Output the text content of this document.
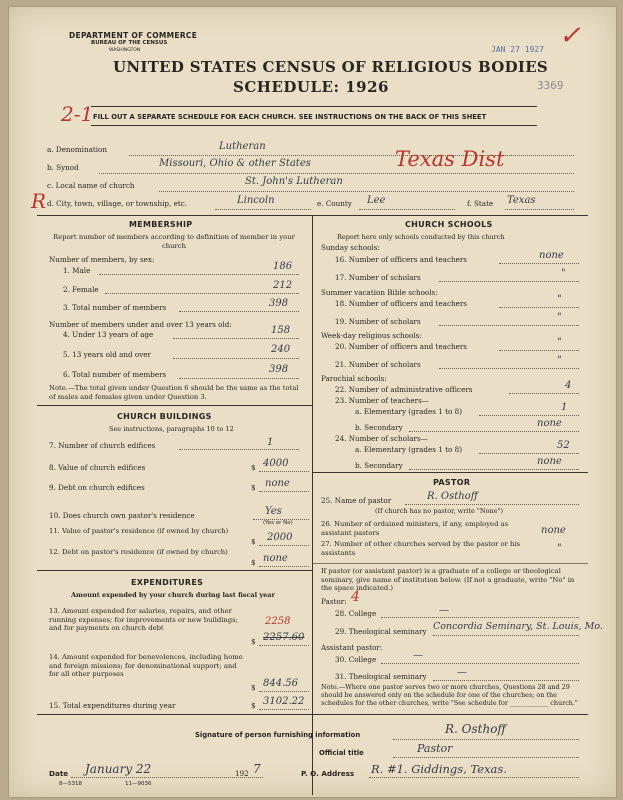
DEPARTMENT OF COMMERCE
BUREAU OF THE CENSUS
WASHINGTON	JAN 27 1927 ✓
UNITED STATES CENSUS OF RELIGIOUS BODIES
SCHEDULE: 1926	3369
FILL OUT A SEPARATE SCHEDULE FOR EACH CHURCH. SEE INSTRUCTIONS ON THE BACK OF THIS SHEET
2-1
R
a. Denomination	Lutheran
b. Synod	Missouri, Ohio & other States	Texas Dist
c. Local name of church	St. John's Lutheran
d. City, town, village, or township, etc.	Lincoln	e. County Lee	f. State Texas
MEMBERSHIP
Report number of members according to definition of member in your church
Number of members, by sex:
1. Male	186
2. Female	212
3. Total number of members	398
Number of members under and over 13 years old:
4. Under 13 years of age	158
5. 13 years old and over	240
6. Total number of members	398
Note.—The total given under Question 6 should be the same as the total of males and females given under Question 3.
CHURCH BUILDINGS
See instructions, paragraphs 10 to 12
7. Number of church edifices	1
8. Value of church edifices	$ 4000
9. Debt on church edifices	$ none
10. Does church own pastor's residence	Yes
(Yes or No)
11. Value of pastor's residence (if owned by church)
$ 2000
12. Debt on pastor's residence (if owned by church)
$ none
EXPENDITURES
Amount expended by your church during last fiscal year
13. Amount expended for salaries, repairs, and other running expenses; for improvements or new buildings; and for payments on church debt
2258
$ 2257.60
14. Amount expended for benevolences, including home and foreign missions; for denominational support; and for all other purposes
$ 844.56
15. Total expenditures during year	$ 3102.22
CHURCH SCHOOLS
Report here only schools conducted by this church
Sunday schools:
16. Number of officers and teachers	none
17. Number of scholars	"
Summer vacation Bible schools:
18. Number of officers and teachers	"
19. Number of scholars	"
Week-day religious schools:
20. Number of officers and teachers	"
21. Number of scholars	"
Parochial schools:
22. Number of administrative officers	4
23. Number of teachers—
a. Elementary (grades 1 to 8)	1
b. Secondary	none
24. Number of scholars—
a. Elementary (grades 1 to 8)	52
b. Secondary	none
PASTOR
25. Name of pastor	R. Osthoff
(If church has no pastor, write "None")
26. Number of ordained ministers, if any, employed as assistant pastors	none
27. Number of other churches served by the pastor or his assistants	"
If pastor (or assistant pastor) is a graduate of a college or theological seminary, give name of institution below. (If not a graduate, write "No" in the space indicated.)
Pastor: 4
28. College	—
29. Theological seminary Concordia Seminary, St. Louis, Mo.
Assistant pastor:
30. College	—
31. Theological seminary	—
Note.—Where one pastor serves two or more churches, Questions 28 and 29 should be answered only on the schedule for one of the churches; on the schedules for the other churches, write "See schedule for ____________ church."
Signature of person furnishing information	R. Osthoff
Official title	Pastor
Date January 22	192 7	P. O. Address R. #1. Giddings, Texas.
8—5318	11—9036
